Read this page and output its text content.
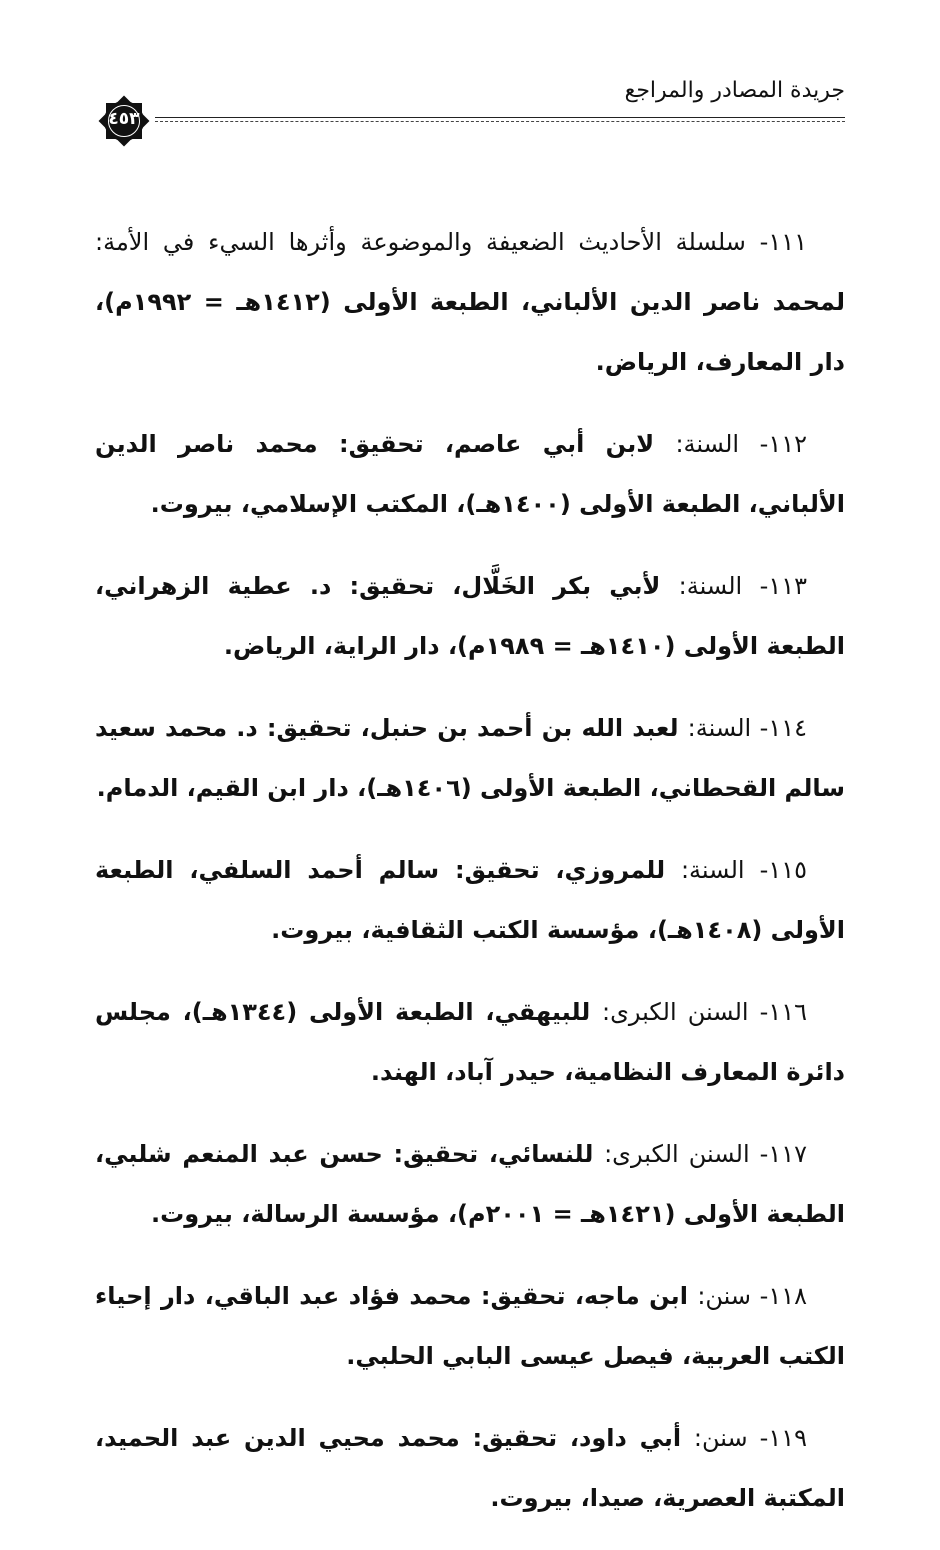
جريدة المصادر والمراجع
٤٥٣

١١١- سلسلة الأحاديث الضعيفة والموضوعة وأثرها السيء في الأمة: لمحمد ناصر الدين الألباني، الطبعة الأولى (١٤١٢هـ = ١٩٩٢م)، دار المعارف، الرياض.

١١٢- السنة: لابن أبي عاصم، تحقيق: محمد ناصر الدين الألباني، الطبعة الأولى (١٤٠٠هـ)، المكتب الإسلامي، بيروت.

١١٣- السنة: لأبي بكر الخَلَّال، تحقيق: د. عطية الزهراني، الطبعة الأولى (١٤١٠هـ = ١٩٨٩م)، دار الراية، الرياض.

١١٤- السنة: لعبد الله بن أحمد بن حنبل، تحقيق: د. محمد سعيد سالم القحطاني، الطبعة الأولى (١٤٠٦هـ)، دار ابن القيم، الدمام.

١١٥- السنة: للمروزي، تحقيق: سالم أحمد السلفي، الطبعة الأولى (١٤٠٨هـ)، مؤسسة الكتب الثقافية، بيروت.

١١٦- السنن الكبرى: للبيهقي، الطبعة الأولى (١٣٤٤هـ)، مجلس دائرة المعارف النظامية، حيدر آباد، الهند.

١١٧- السنن الكبرى: للنسائي، تحقيق: حسن عبد المنعم شلبي، الطبعة الأولى (١٤٢١هـ = ٢٠٠١م)، مؤسسة الرسالة، بيروت.

١١٨- سنن: ابن ماجه، تحقيق: محمد فؤاد عبد الباقي، دار إحياء الكتب العربية، فيصل عيسى البابي الحلبي.

١١٩- سنن: أبي داود، تحقيق: محمد محيي الدين عبد الحميد، المكتبة العصرية، صيدا، بيروت.
